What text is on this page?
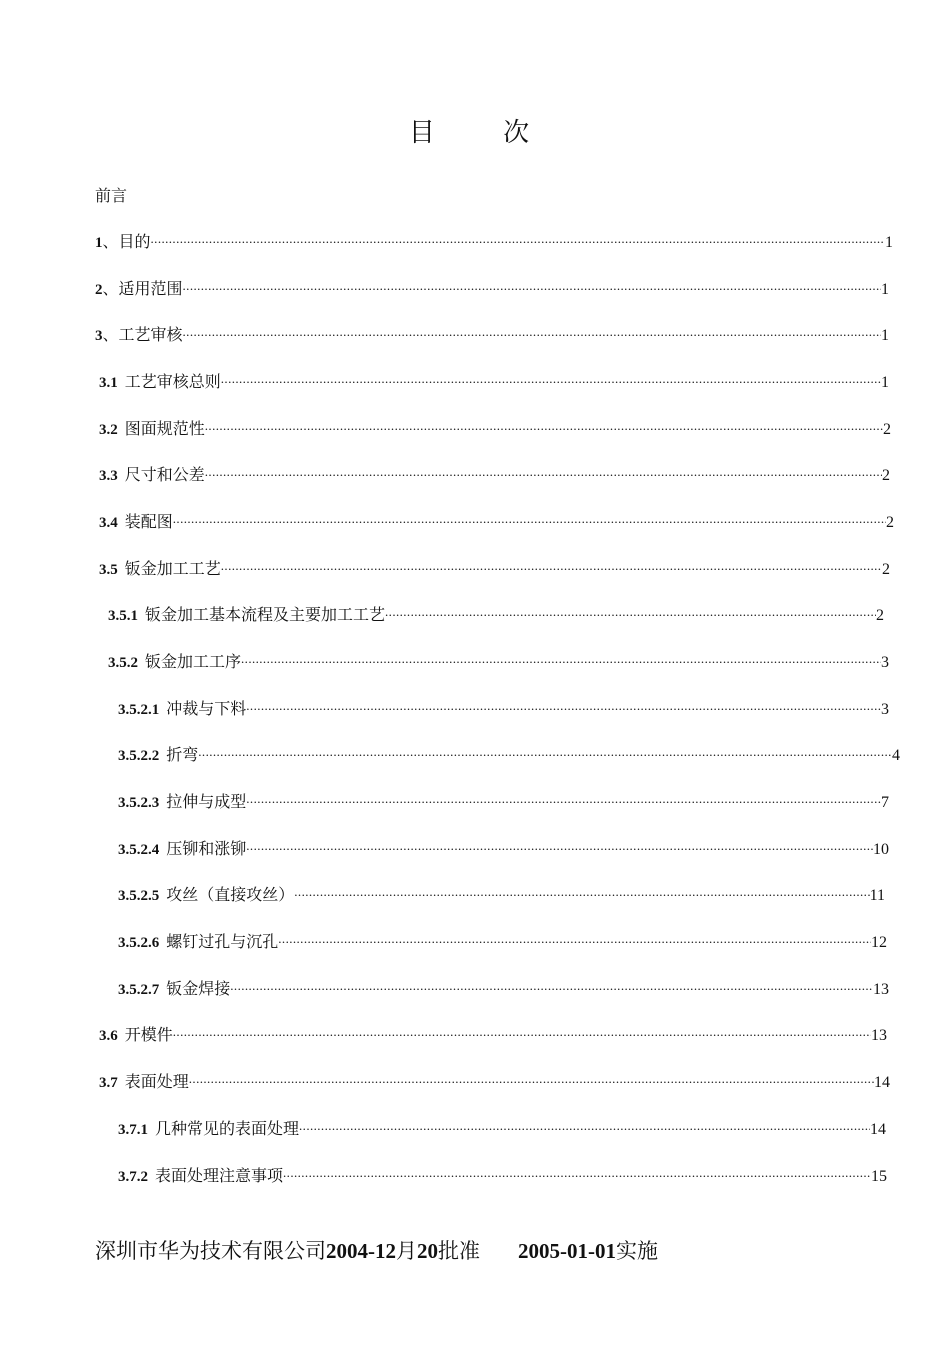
目 次
前言
1 、 目的 .....	1
2 、 适用范围 .....	1
3 、 工艺审核 .....	1
3.1 工艺审核总则 .....	1
3.2 图面规范性 .....	2
3.3 尺寸和公差 .....	2
3.4 装配图 .....	2
3.5 钣金加工工艺 .....	2
3.5.1 钣金加工基本流程及主要加工工艺 .....	2
3.5.2 钣金加工工序 .....	3
3.5.2.1 冲裁与下料 .....	3
3.5.2.2 折弯 .....	4
3.5.2.3 拉伸与成型 .....	7
3.5.2.4 压铆和涨铆 .....	10
3.5.2.5 攻丝（直接攻丝） .....	11
3.5.2.6 螺钉过孔与沉孔 .....	12
3.5.2.7 钣金焊接 .....	13
3.6 开模件 .....	13
3.7 表面处理 .....	14
3.7.1 几种常见的表面处理 .....	14
3.7.2 表面处理注意事项 .....	15
深圳市华为技术有限公司2004-12月20批准 2005-01-01实施
